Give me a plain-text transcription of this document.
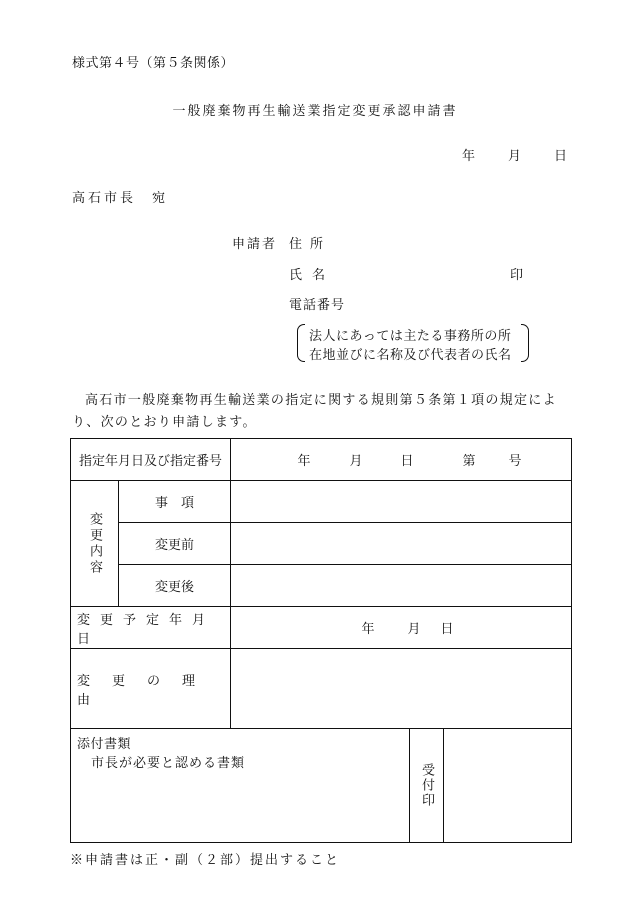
様式第４号（第５条関係）
一般廃棄物再生輸送業指定変更承認申請書
年	月	日
高石市長　宛
申請者 住所
氏名	印
電話番号
法人にあっては主たる事務所の所
在地並びに名称及び代表者の氏名
高石市一般廃棄物再生輸送業の指定に関する規則第５条第１項の規定により、次のとおり申請します。
指定年月日及び指定番号		年 月 日 第 号		

変更内容	事　項			
	変更前			
	変更後			
変更予定年月日		年 月 日		
変更の理由				

添付書類
市長が必要と認める書類			受付印	

※申請書は正・副（２部）提出すること
